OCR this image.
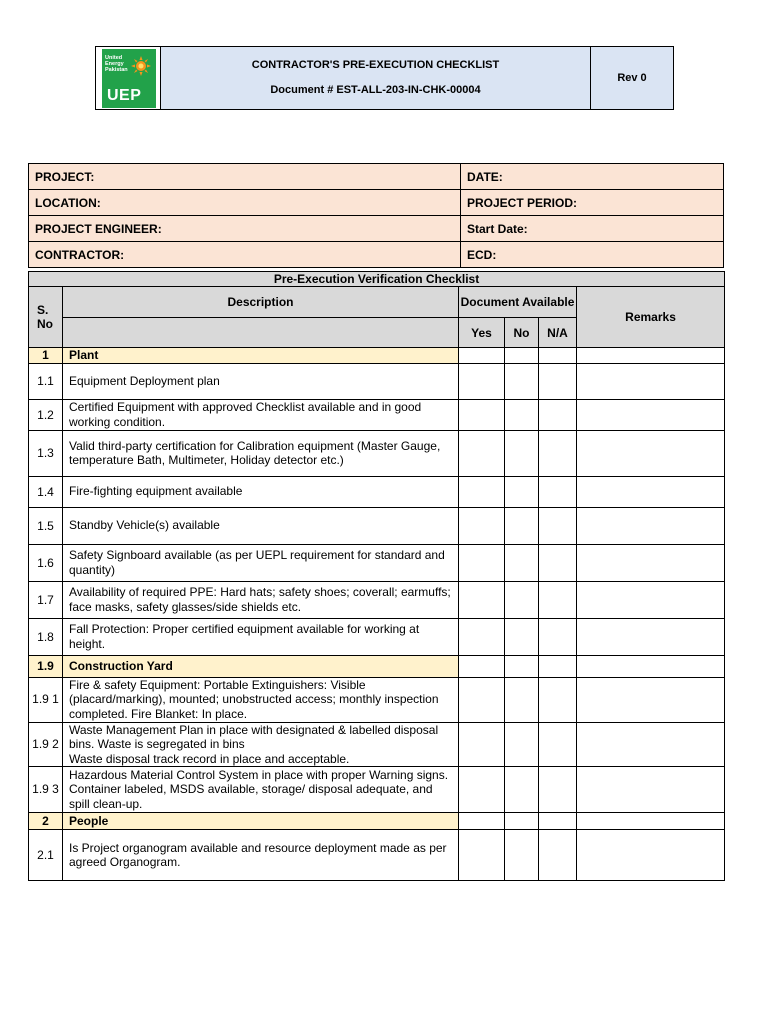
United
Energy
Pakistan
UEP

CONTRACTOR'S PRE-EXECUTION CHECKLIST
Document # EST-ALL-203-IN-CHK-00004
	Rev 0
PROJECT:	DATE:
LOCATION:	PROJECT PERIOD:
PROJECT ENGINEER:	Start Date:
CONTRACTOR:	ECD:
Pre-Execution Verification Checklist					
S. No	Description	Document Available			Remarks
		Yes	No	N/A	
1	Plant				
1.1	Equipment Deployment plan				
1.2	Certified Equipment with approved Checklist available and in good working condition.				
1.3	Valid third-party certification for Calibration equipment (Master Gauge, temperature Bath, Multimeter, Holiday detector etc.)				
1.4	Fire-fighting equipment available				
1.5	Standby Vehicle(s) available				
1.6	Safety Signboard available (as per UEPL requirement for standard and quantity)				
1.7	Availability of required PPE: Hard hats; safety shoes; coverall; earmuffs; face masks, safety glasses/side shields etc.				
1.8	Fall Protection: Proper certified equipment available for working at height.				
1.9	Construction Yard				
1.9 1	Fire & safety Equipment: Portable Extinguishers: Visible (placard/marking), mounted; unobstructed access; monthly inspection completed. Fire Blanket: In place.				
1.9 2	Waste Management Plan in place with designated & labelled disposal bins. Waste is segregated in bins
Waste disposal track record in place and acceptable.				
1.9 3	Hazardous Material Control System in place with proper Warning signs. Container labeled, MSDS available, storage/ disposal adequate, and spill clean-up.				
2	People				
2.1	Is Project organogram available and resource deployment made as per agreed Organogram.				
